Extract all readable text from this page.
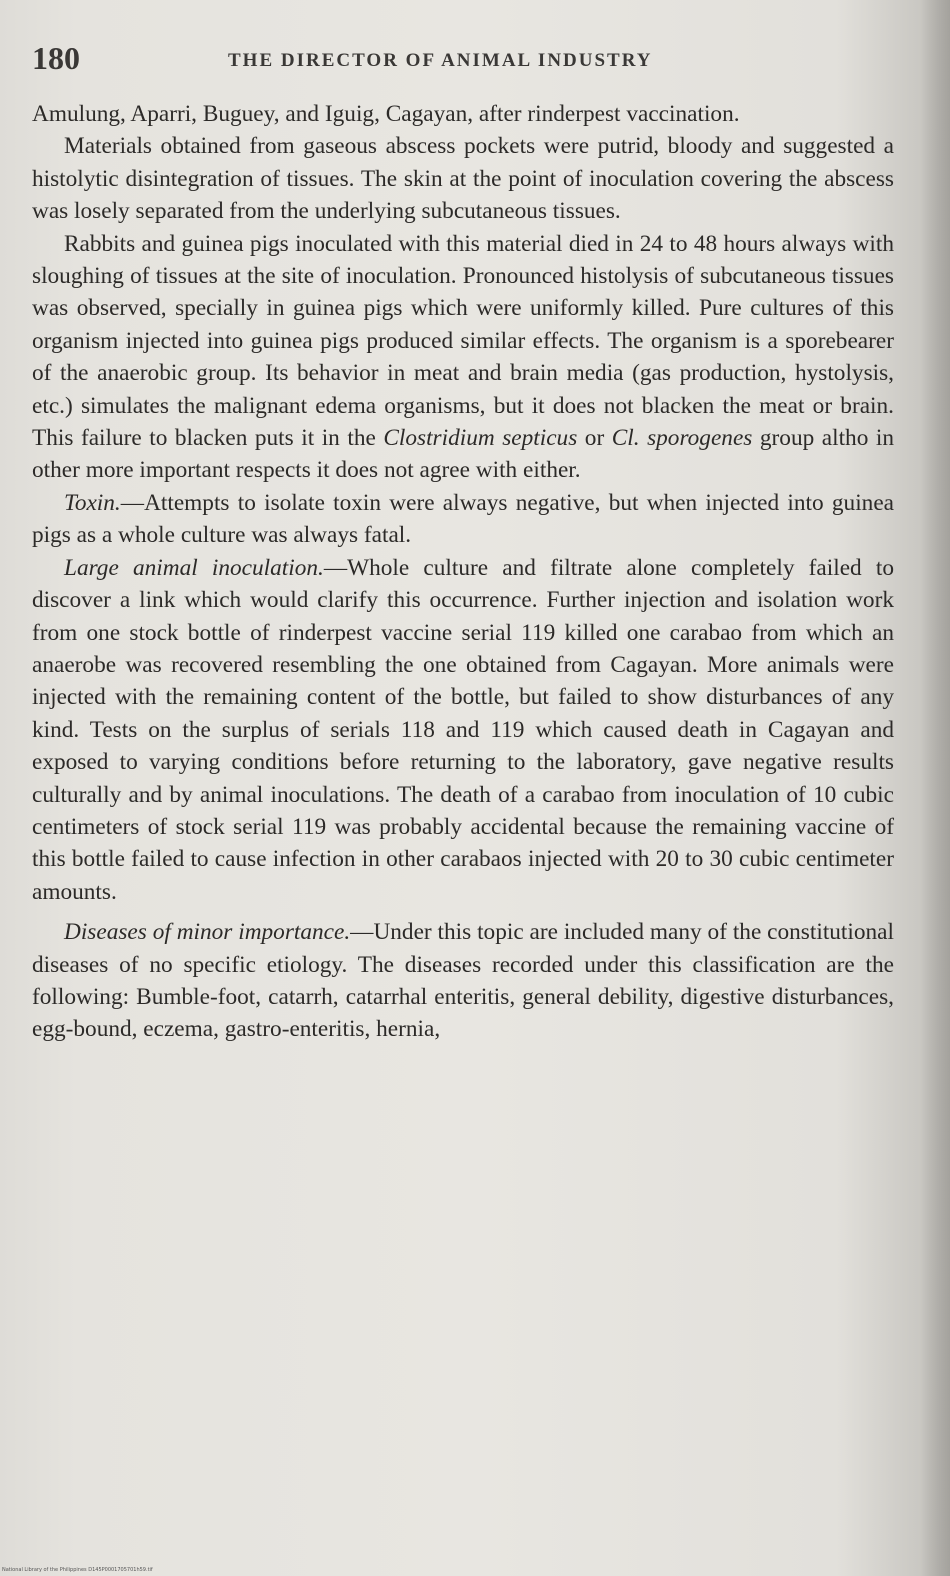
180	THE DIRECTOR OF ANIMAL INDUSTRY

Amulung, Aparri, Buguey, and Iguig, Cagayan, after rinderpest vaccination.

Materials obtained from gaseous abscess pockets were putrid, bloody and suggested a histolytic disintegration of tissues. The skin at the point of inoculation covering the abscess was losely separated from the underlying subcutaneous tissues.

Rabbits and guinea pigs inoculated with this material died in 24 to 48 hours always with sloughing of tissues at the site of inoculation. Pronounced histolysis of subcutaneous tissues was observed, specially in guinea pigs which were uniformly killed. Pure cultures of this organism injected into guinea pigs produced similar effects. The organism is a sporebearer of the anaerobic group. Its behavior in meat and brain media (gas production, hystolysis, etc.) simulates the malignant edema organisms, but it does not blacken the meat or brain. This failure to blacken puts it in the Clostridium septicus or Cl. sporogenes group altho in other more important respects it does not agree with either.

Toxin.—Attempts to isolate toxin were always negative, but when injected into guinea pigs as a whole culture was always fatal.

Large animal inoculation.—Whole culture and filtrate alone completely failed to discover a link which would clarify this occurrence. Further injection and isolation work from one stock bottle of rinderpest vaccine serial 119 killed one carabao from which an anaerobe was recovered resembling the one obtained from Cagayan. More animals were injected with the remaining content of the bottle, but failed to show disturbances of any kind. Tests on the surplus of serials 118 and 119 which caused death in Cagayan and exposed to varying conditions before returning to the laboratory, gave negative results culturally and by animal inoculations. The death of a carabao from inoculation of 10 cubic centimeters of stock serial 119 was probably accidental because the remaining vaccine of this bottle failed to cause infection in other carabaos injected with 20 to 30 cubic centimeter amounts.

Diseases of minor importance.—Under this topic are included many of the constitutional diseases of no specific etiology. The diseases recorded under this classification are the following: Bumble-foot, catarrh, catarrhal enteritis, general debility, digestive disturbances, egg-bound, eczema, gastro-enteritis, hernia,

National Library of the Philippines D145P0001705701h59.tif
